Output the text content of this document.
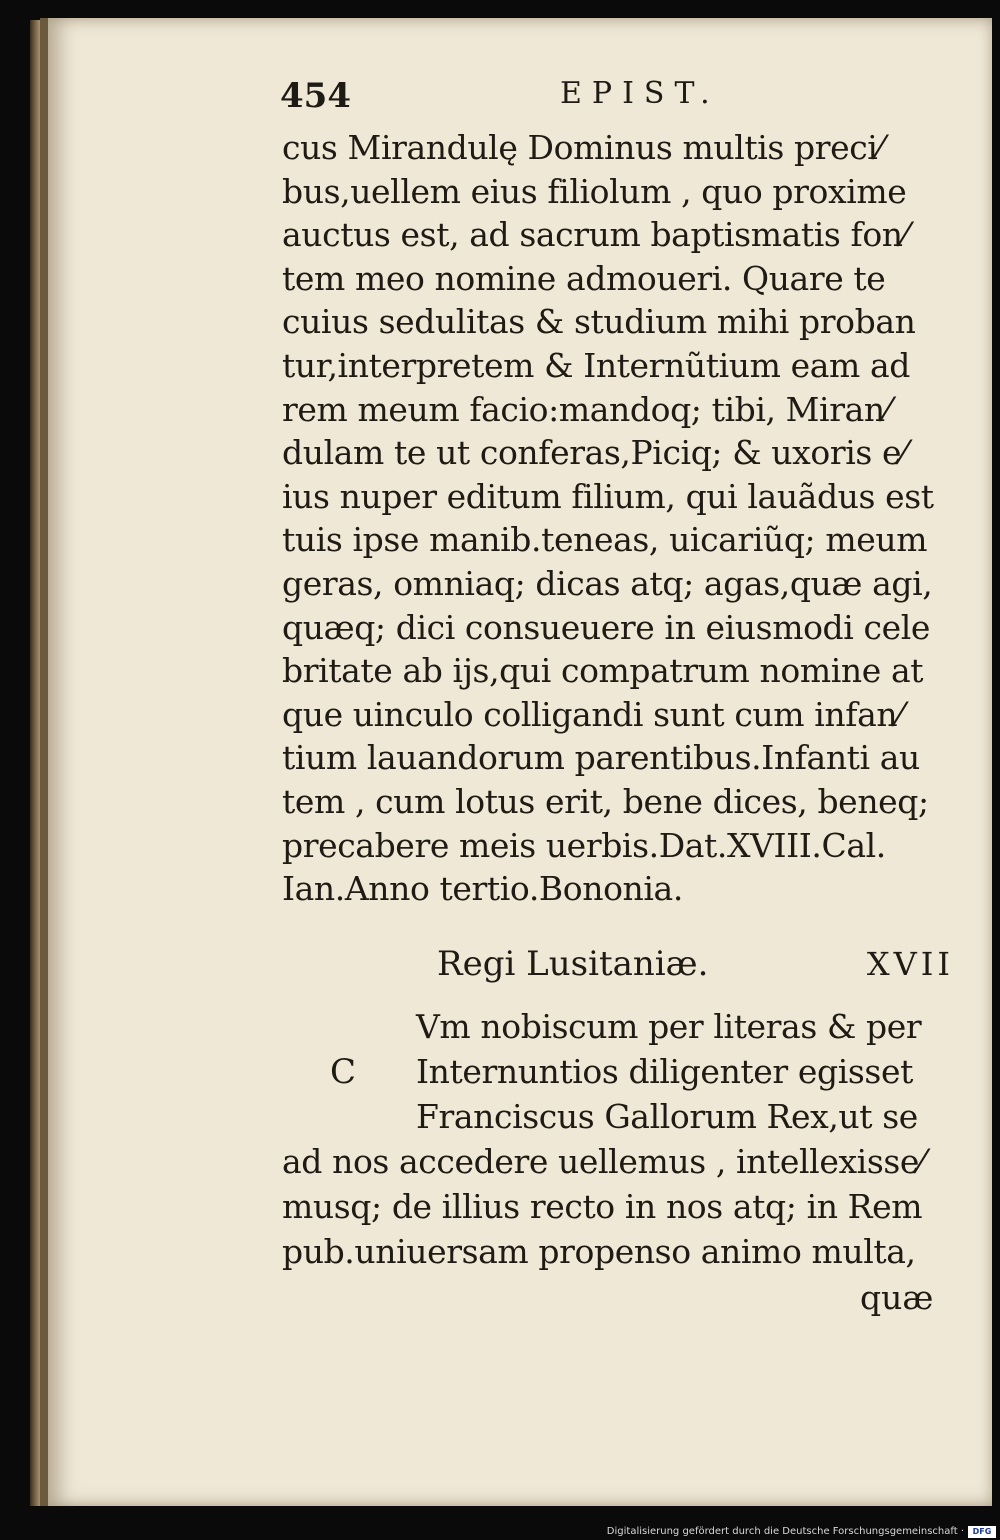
454	EPIST.
cus Mirandulę Dominus multis preci⁄
bus,uellem eius filiolum , quo proxime
auctus est, ad sacrum baptismatis fon⁄
tem meo nomine admoueri. Quare te
cuius sedulitas & studium mihi proban
tur,interpretem & Internũtium eam ad
rem meum facio:mandoq; tibi, Miran⁄
dulam te ut conferas,Piciq; & uxoris e⁄
ius nuper editum filium, qui lauãdus est
tuis ipse manib.teneas, uicariũq; meum
geras, omniaq; dicas atq; agas,quæ agi,
quæq; dici consueuere in eiusmodi cele
britate ab ijs,qui compatrum nomine at
que uinculo colligandi sunt cum infan⁄
tium lauandorum parentibus.Infanti au
tem , cum lotus erit, bene dices, beneq;
precabere meis uerbis.Dat.XVIII.Cal.
Ian.Anno tertio.Bononia.
Regi Lusitaniæ.	XVII
C
Vm nobiscum per literas & per
Internuntios diligenter egisset
Franciscus Gallorum Rex,ut se
ad nos accedere uellemus , intellexisse⁄
musq; de illius recto in nos atq; in Rem
pub.uniuersam propenso animo multa,
quæ
Digitalisierung gefördert durch die Deutsche Forschungsgemeinschaft ·	DFG
